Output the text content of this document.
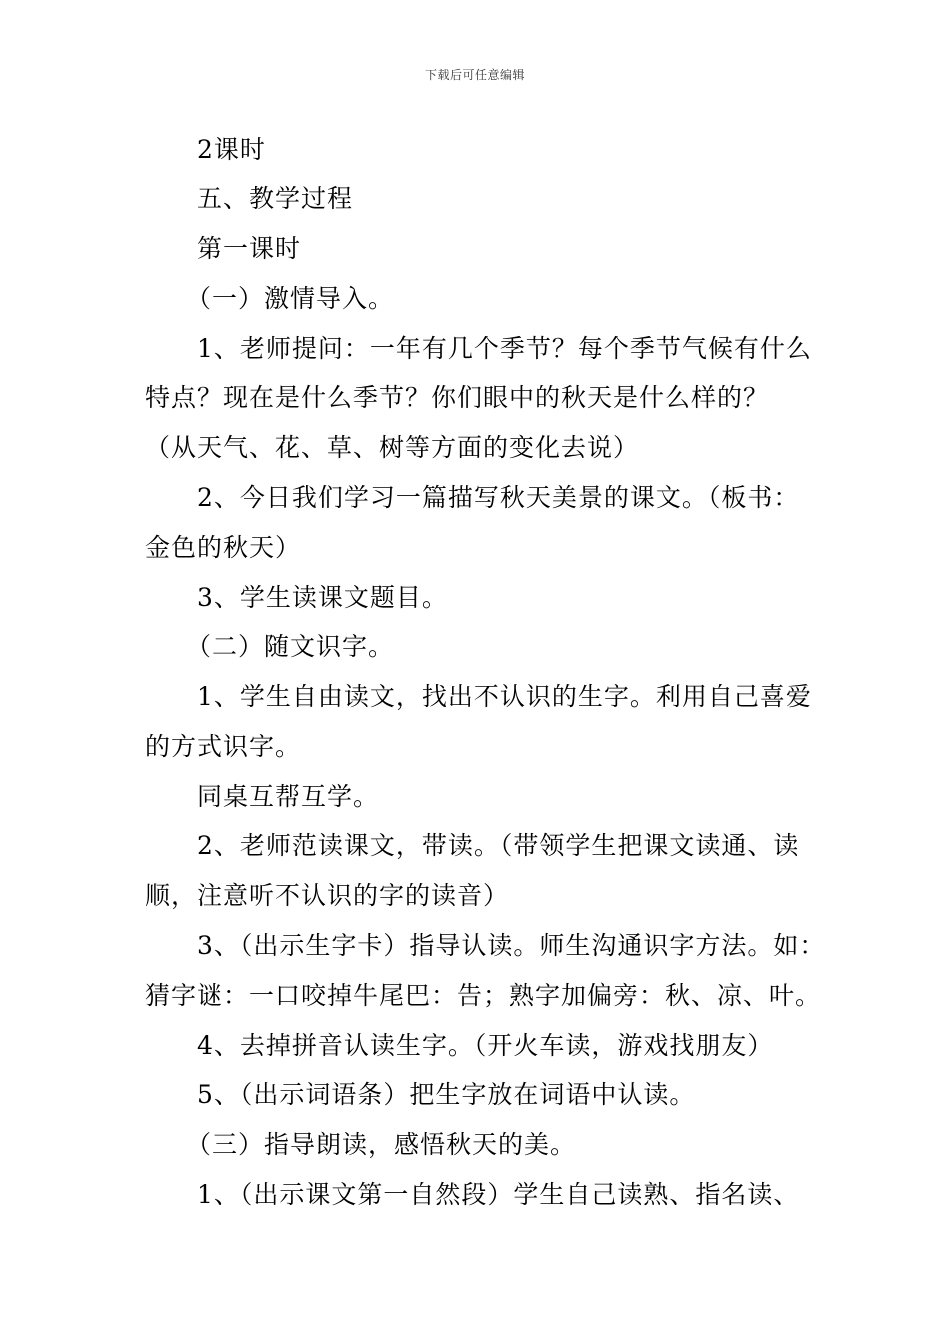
下载后可任意编辑
2课时
五、教学过程
第一课时
（一）激情导入。
1、老师提问：一年有几个季节？每个季节气候有什么
特点？现在是什么季节？你们眼中的秋天是什么样的？
（从天气、花、草、树等方面的变化去说）
2、今日我们学习一篇描写秋天美景的课文。（板书：
金色的秋天）
3、学生读课文题目。
（二）随文识字。
1、学生自由读文，找出不认识的生字。利用自己喜爱
的方式识字。
同桌互帮互学。
2、老师范读课文，带读。（带领学生把课文读通、读
顺，注意听不认识的字的读音）
3、（出示生字卡）指导认读。师生沟通识字方法。如：
猜字谜：一口咬掉牛尾巴：告；熟字加偏旁：秋、凉、叶。
4、去掉拼音认读生字。（开火车读，游戏找朋友）
5、（出示词语条）把生字放在词语中认读。
（三）指导朗读，感悟秋天的美。
1、（出示课文第一自然段）学生自己读熟、指名读、
